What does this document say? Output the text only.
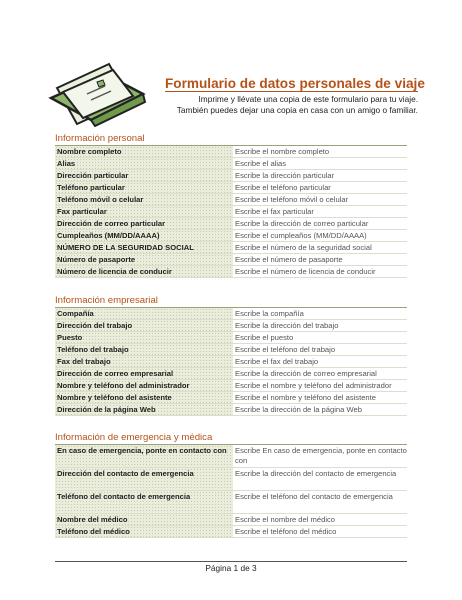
Formulario de datos personales de viaje
Imprime y llévate una copia de este formulario para tu viaje. También puedes dejar una copia en casa con un amigo o familiar.
Información personal
Nombre completo	Escribe el nombre completo
Alias	Escribe el alias
Dirección particular	Escribe la dirección particular
Teléfono particular	Escribe el teléfono particular
Teléfono móvil o celular	Escribe el teléfono móvil o celular
Fax particular	Escribe el fax particular
Dirección de correo particular	Escribe la dirección de correo particular
Cumpleaños (MM/DD/AAAA)	Escribe el cumpleaños (MM/DD/AAAA)
NÚMERO DE LA SEGURIDAD SOCIAL	Escribe el número de la seguridad social
Número de pasaporte	Escribe el número de pasaporte
Número de licencia de conducir	Escribe el número de licencia de conducir
Información empresarial
Compañía	Escribe la compañía
Dirección del trabajo	Escribe la dirección del trabajo
Puesto	Escribe el puesto
Teléfono del trabajo	Escribe el teléfono del trabajo
Fax del trabajo	Escribe el fax del trabajo
Dirección de correo empresarial	Escribe la dirección de correo empresarial
Nombre y teléfono del administrador	Escribe el nombre y teléfono del administrador
Nombre y teléfono del asistente	Escribe el nombre y teléfono del asistente
Dirección de la página Web	Escribe la dirección de la página Web
Información de emergencia y médica
En caso de emergencia, ponte en contacto con	Escribe En caso de emergencia, ponte en contacto con
Dirección del contacto de emergencia	Escribe la dirección del contacto de emergencia
Teléfono del contacto de emergencia	Escribe el teléfono del contacto de emergencia
Nombre del médico	Escribe el nombre del médico
Teléfono del médico	Escribe el teléfono del médico
Página 1 de 3
